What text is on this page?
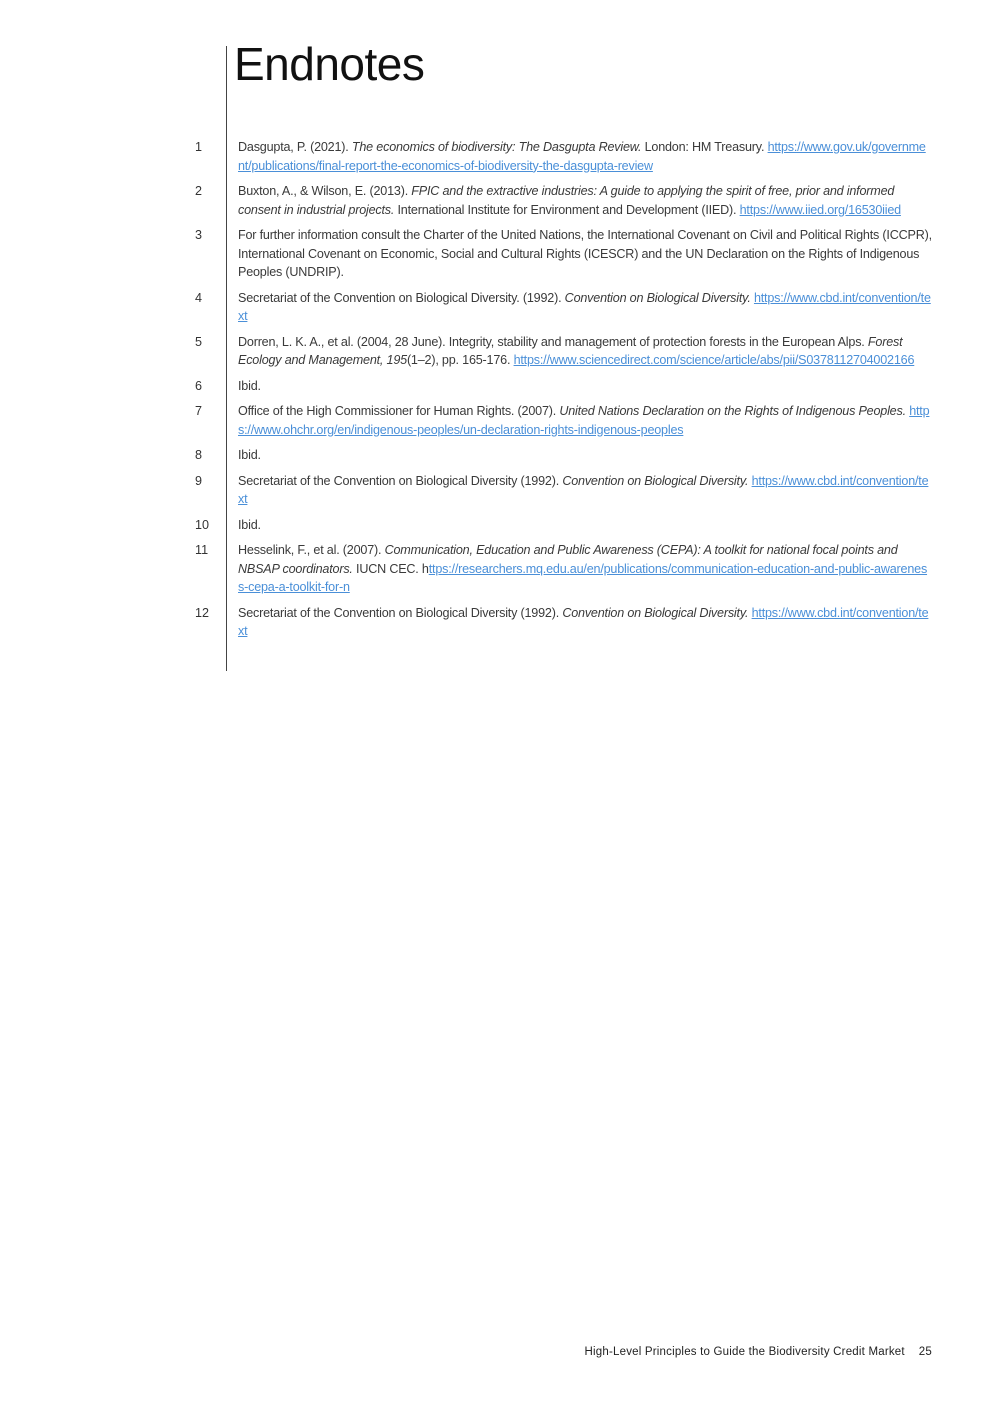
Endnotes
1	Dasgupta, P. (2021). The economics of biodiversity: The Dasgupta Review. London: HM Treasury. https://www.gov.uk/government/publications/final-report-the-economics-of-biodiversity-the-dasgupta-review
2	Buxton, A., & Wilson, E. (2013). FPIC and the extractive industries: A guide to applying the spirit of free, prior and informed consent in industrial projects. International Institute for Environment and Development (IIED). https://www.iied.org/16530iied
3	For further information consult the Charter of the United Nations, the International Covenant on Civil and Political Rights (ICCPR), International Covenant on Economic, Social and Cultural Rights (ICESCR) and the UN Declaration on the Rights of Indigenous Peoples (UNDRIP).
4	Secretariat of the Convention on Biological Diversity. (1992). Convention on Biological Diversity. https://www.cbd.int/convention/text
5	Dorren, L. K. A., et al. (2004, 28 June). Integrity, stability and management of protection forests in the European Alps. Forest Ecology and Management, 195(1–2), pp. 165-176. https://www.sciencedirect.com/science/article/abs/pii/S0378112704002166
6	Ibid.
7	Office of the High Commissioner for Human Rights. (2007). United Nations Declaration on the Rights of Indigenous Peoples. https://www.ohchr.org/en/indigenous-peoples/un-declaration-rights-indigenous-peoples
8	Ibid.
9	Secretariat of the Convention on Biological Diversity (1992). Convention on Biological Diversity. https://www.cbd.int/convention/text
10 Ibid.
11 Hesselink, F., et al. (2007). Communication, Education and Public Awareness (CEPA): A toolkit for national focal points and NBSAP coordinators. IUCN CEC. https://researchers.mq.edu.au/en/publications/communication-education-and-public-awareness-cepa-a-toolkit-for-n
12 Secretariat of the Convention on Biological Diversity (1992). Convention on Biological Diversity. https://www.cbd.int/convention/text
High-Level Principles to Guide the Biodiversity Credit Market 25
